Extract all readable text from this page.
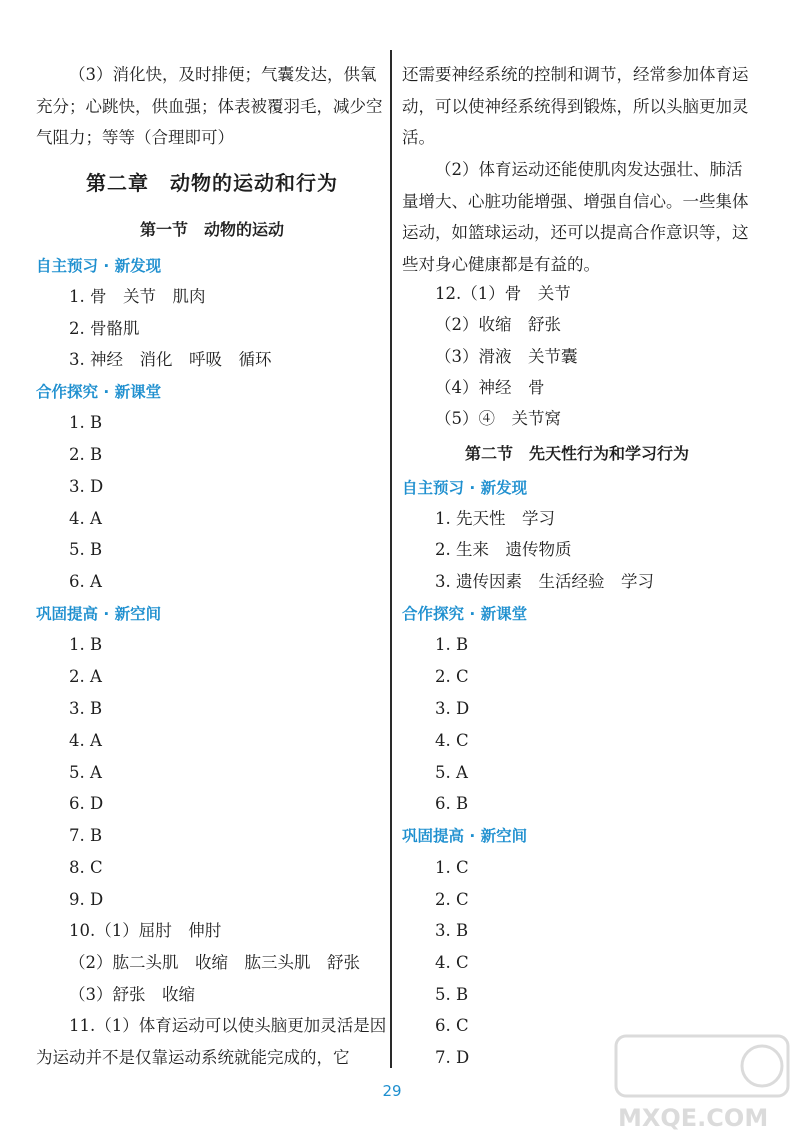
（3）消化快，及时排便；气囊发达，供氧充分；心跳快，供血强；体表被覆羽毛，减少空气阻力；等等（合理即可）
第二章　动物的运动和行为
第一节　动物的运动
自主预习 · 新发现
1. 骨　关节　肌肉
2. 骨骼肌
3. 神经　消化　呼吸　循环
合作探究 · 新课堂
1. B
2. B
3. D
4. A
5. B
6. A
巩固提高 · 新空间
1. B
2. A
3. B
4. A
5. A
6. D
7. B
8. C
9. D
10.（1）屈肘　伸肘
（2）肱二头肌　收缩　肱三头肌　舒张
（3）舒张　收缩
11.（1）体育运动可以使头脑更加灵活是因为运动并不是仅靠运动系统就能完成的，它
还需要神经系统的控制和调节，经常参加体育运动，可以使神经系统得到锻炼，所以头脑更加灵活。
（2）体育运动还能使肌肉发达强壮、肺活量增大、心脏功能增强、增强自信心。一些集体运动，如篮球运动，还可以提高合作意识等，这些对身心健康都是有益的。
12.（1）骨　关节
（2）收缩　舒张
（3）滑液　关节囊
（4）神经　骨
（5）④　关节窝
第二节　先天性行为和学习行为
自主预习 · 新发现
1. 先天性　学习
2. 生来　遗传物质
3. 遗传因素　生活经验　学习
合作探究 · 新课堂
1. B
2. C
3. D
4. C
5. A
6. B
巩固提高 · 新空间
1. C
2. C
3. B
4. C
5. B
6. C
7. D
29
MXQE.COM
